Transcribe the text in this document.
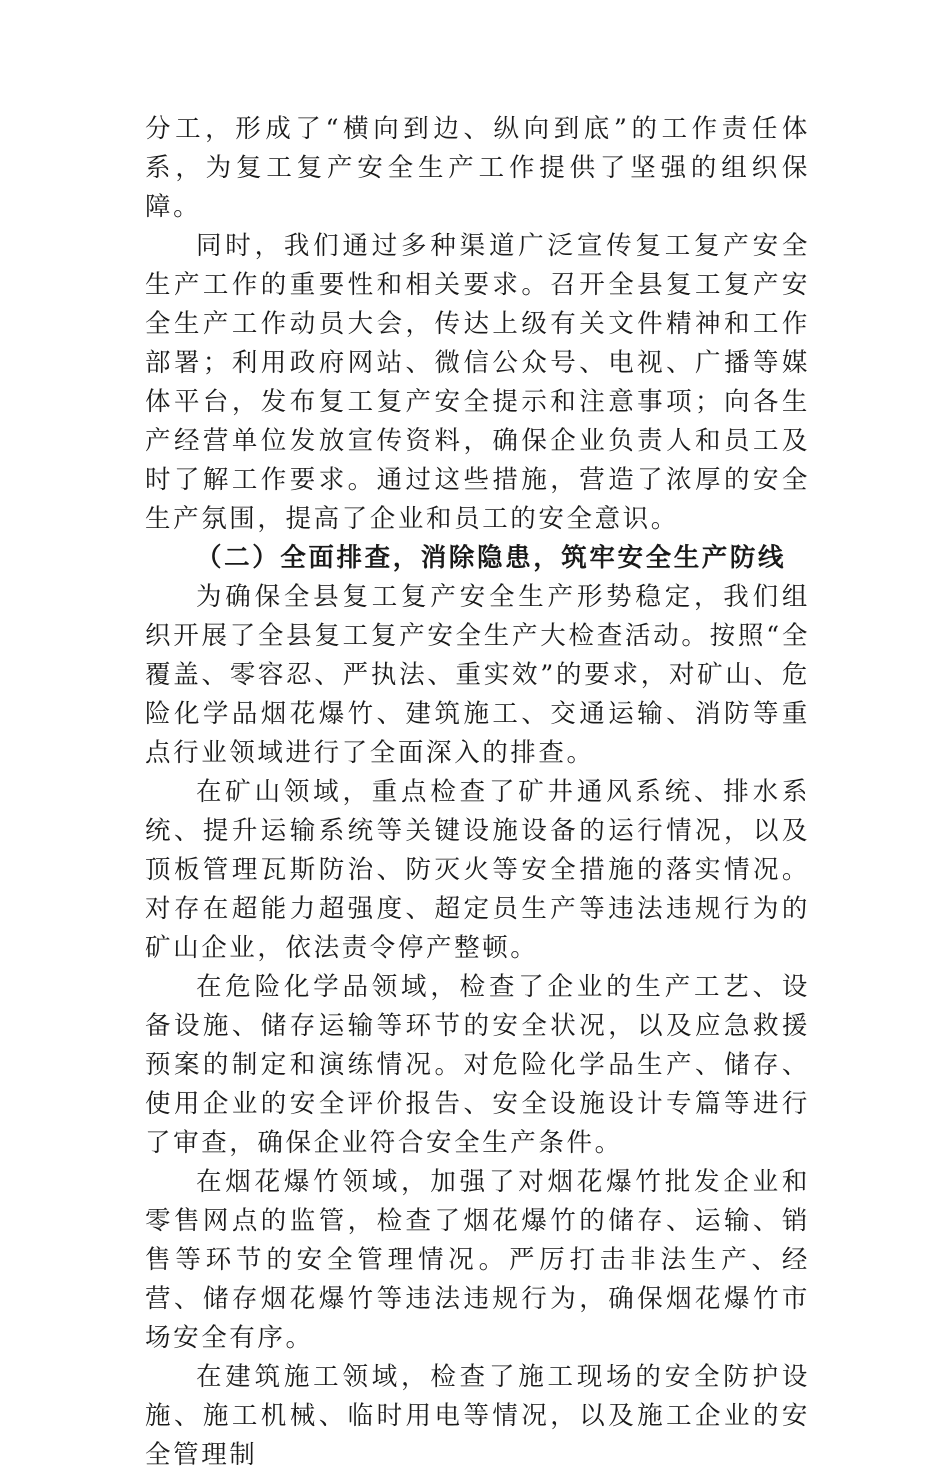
分工，形成了“横向到边、纵向到底”的工作责任体系，为复工复产安全生产工作提供了坚强的组织保障。

同时，我们通过多种渠道广泛宣传复工复产安全生产工作的重要性和相关要求。召开全县复工复产安全生产工作动员大会，传达上级有关文件精神和工作部署；利用政府网站、微信公众号、电视、广播等媒体平台，发布复工复产安全提示和注意事项；向各生产经营单位发放宣传资料，确保企业负责人和员工及时了解工作要求。通过这些措施，营造了浓厚的安全生产氛围，提高了企业和员工的安全意识。

（二）全面排查，消除隐患，筑牢安全生产防线

为确保全县复工复产安全生产形势稳定，我们组织开展了全县复工复产安全生产大检查活动。按照“全覆盖、零容忍、严执法、重实效”的要求，对矿山、危险化学品烟花爆竹、建筑施工、交通运输、消防等重点行业领域进行了全面深入的排查。

在矿山领域，重点检查了矿井通风系统、排水系统、提升运输系统等关键设施设备的运行情况，以及顶板管理瓦斯防治、防灭火等安全措施的落实情况。对存在超能力超强度、超定员生产等违法违规行为的矿山企业，依法责令停产整顿。

在危险化学品领域，检查了企业的生产工艺、设备设施、储存运输等环节的安全状况，以及应急救援预案的制定和演练情况。对危险化学品生产、储存、使用企业的安全评价报告、安全设施设计专篇等进行了审查，确保企业符合安全生产条件。

在烟花爆竹领域，加强了对烟花爆竹批发企业和零售网点的监管，检查了烟花爆竹的储存、运输、销售等环节的安全管理情况。严厉打击非法生产、经营、储存烟花爆竹等违法违规行为，确保烟花爆竹市场安全有序。

在建筑施工领域，检查了施工现场的安全防护设施、施工机械、临时用电等情况，以及施工企业的安全管理制
